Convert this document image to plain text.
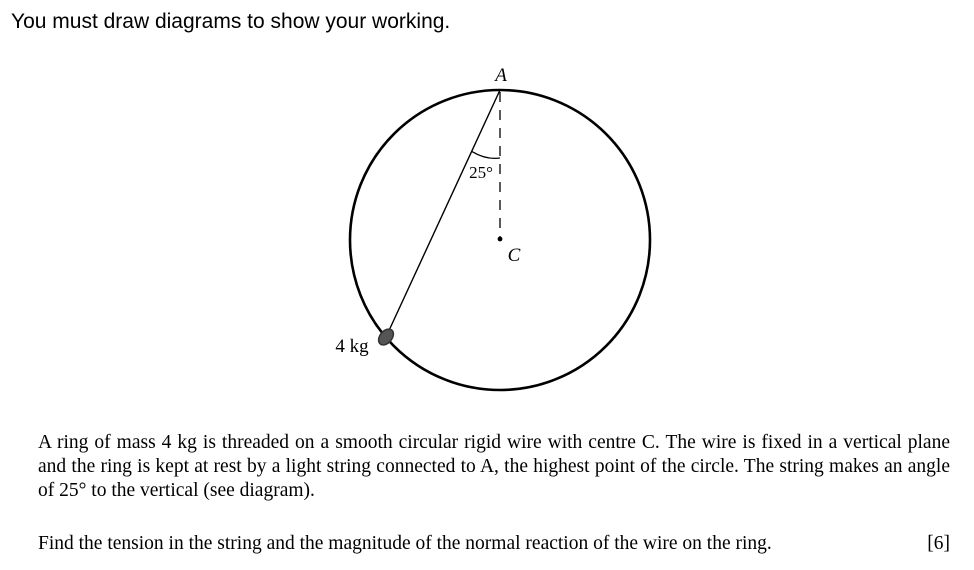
You must draw diagrams to show your working.
A
C
25°
4 kg

A ring of mass 4 kg is threaded on a smooth circular rigid wire with centre C. The wire is fixed in a vertical plane and the ring is kept at rest by a light string connected to A, the highest point of the circle. The string makes an angle of 25° to the vertical (see diagram).

Find the tension in the string and the magnitude of the normal reaction of the wire on the ring.	[6]
